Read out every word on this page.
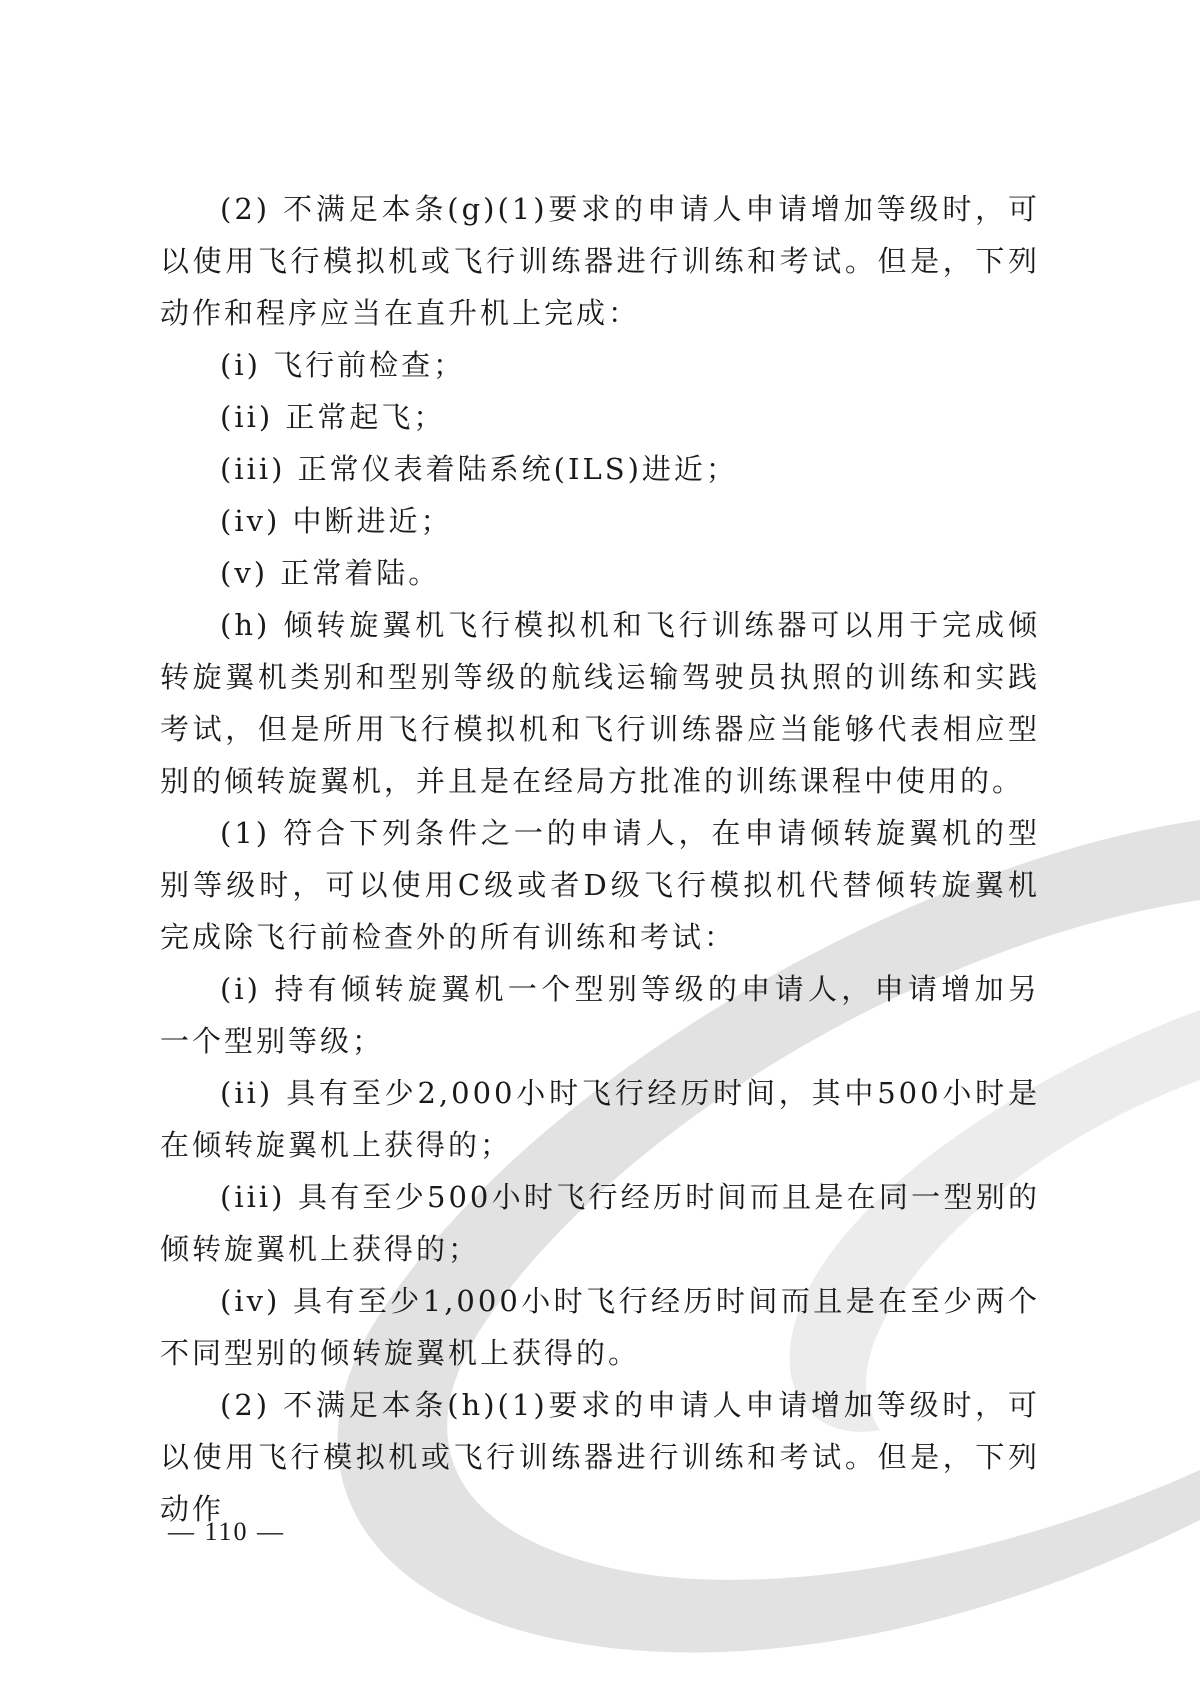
(2) 不满足本条(g)(1)要求的申请人申请增加等级时，可以使用飞行模拟机或飞行训练器进行训练和考试。但是，下列动作和程序应当在直升机上完成：

(i) 飞行前检查；

(ii) 正常起飞；

(iii) 正常仪表着陆系统(ILS)进近；

(iv) 中断进近；

(v) 正常着陆。

(h) 倾转旋翼机飞行模拟机和飞行训练器可以用于完成倾转旋翼机类别和型别等级的航线运输驾驶员执照的训练和实践考试，但是所用飞行模拟机和飞行训练器应当能够代表相应型别的倾转旋翼机，并且是在经局方批准的训练课程中使用的。

(1) 符合下列条件之一的申请人，在申请倾转旋翼机的型别等级时，可以使用C级或者D级飞行模拟机代替倾转旋翼机完成除飞行前检查外的所有训练和考试：

(i) 持有倾转旋翼机一个型别等级的申请人，申请增加另一个型别等级；

(ii) 具有至少2,000小时飞行经历时间，其中500小时是在倾转旋翼机上获得的；

(iii) 具有至少500小时飞行经历时间而且是在同一型别的倾转旋翼机上获得的；

(iv) 具有至少1,000小时飞行经历时间而且是在至少两个不同型别的倾转旋翼机上获得的。

(2) 不满足本条(h)(1)要求的申请人申请增加等级时，可以使用飞行模拟机或飞行训练器进行训练和考试。但是，下列动作

— 110 —
